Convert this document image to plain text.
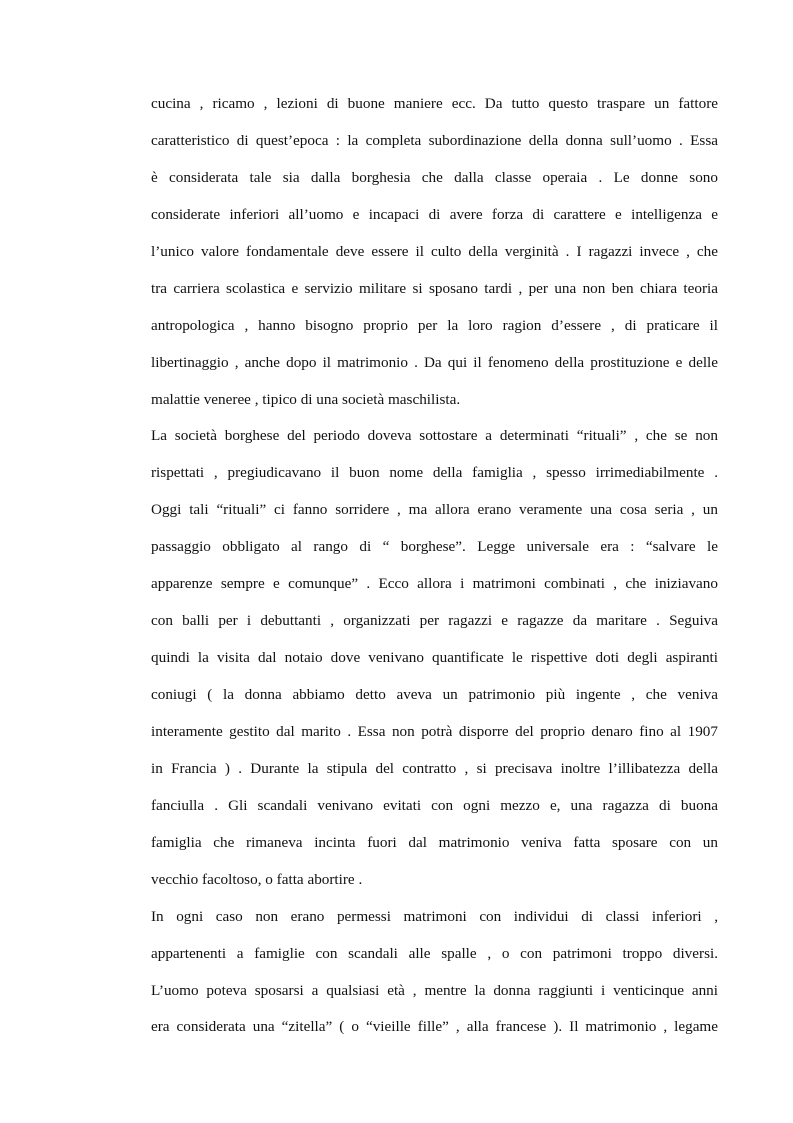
cucina , ricamo , lezioni di buone maniere ecc. Da tutto questo traspare un fattore
caratteristico di quest’epoca : la completa subordinazione della donna sull’uomo . Essa
è considerata tale sia dalla borghesia che dalla classe operaia . Le donne sono
considerate inferiori all’uomo e incapaci di avere forza di carattere e intelligenza e
l’unico valore fondamentale deve essere il culto della verginità . I ragazzi invece , che
tra carriera scolastica e servizio militare si sposano tardi , per una non ben chiara teoria
antropologica , hanno bisogno proprio per la loro ragion d’essere , di praticare il
libertinaggio , anche dopo il matrimonio . Da qui il fenomeno della prostituzione e delle
malattie veneree , tipico di una società maschilista.
La società borghese del periodo doveva sottostare a determinati “rituali” , che se non
rispettati , pregiudicavano il buon nome della famiglia , spesso irrimediabilmente .
Oggi tali “rituali” ci fanno sorridere , ma allora erano veramente una cosa seria , un
passaggio obbligato al rango di “ borghese”. Legge universale era : “salvare le
apparenze sempre e comunque” . Ecco allora i matrimoni combinati , che iniziavano
con balli per i debuttanti , organizzati per ragazzi e ragazze da maritare . Seguiva
quindi la visita dal notaio dove venivano quantificate le rispettive doti degli aspiranti
coniugi ( la donna abbiamo detto aveva un patrimonio più ingente , che veniva
interamente gestito dal marito . Essa non potrà disporre del proprio denaro fino al 1907
in Francia ) . Durante la stipula del contratto , si precisava inoltre l’illibatezza della
fanciulla . Gli scandali venivano evitati con ogni mezzo e, una ragazza di buona
famiglia che rimaneva incinta fuori dal matrimonio veniva fatta sposare con un
vecchio facoltoso, o fatta abortire .
In ogni caso non erano permessi matrimoni con individui di classi inferiori ,
appartenenti a famiglie con scandali alle spalle , o con patrimoni troppo diversi.
L’uomo poteva sposarsi a qualsiasi età , mentre la donna raggiunti i venticinque anni
era considerata una “zitella” ( o “vieille fille” , alla francese ). Il matrimonio , legame
